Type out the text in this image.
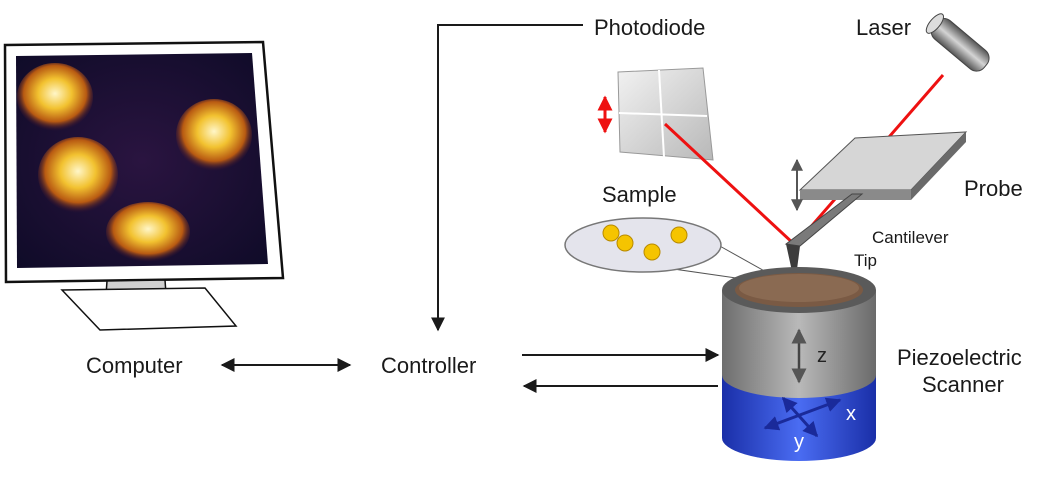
Photodiode	Laser
Sample	Probe
Cantilever
Tip
Computer	Controller	Piezoelectric
Scanner
z
x
y
